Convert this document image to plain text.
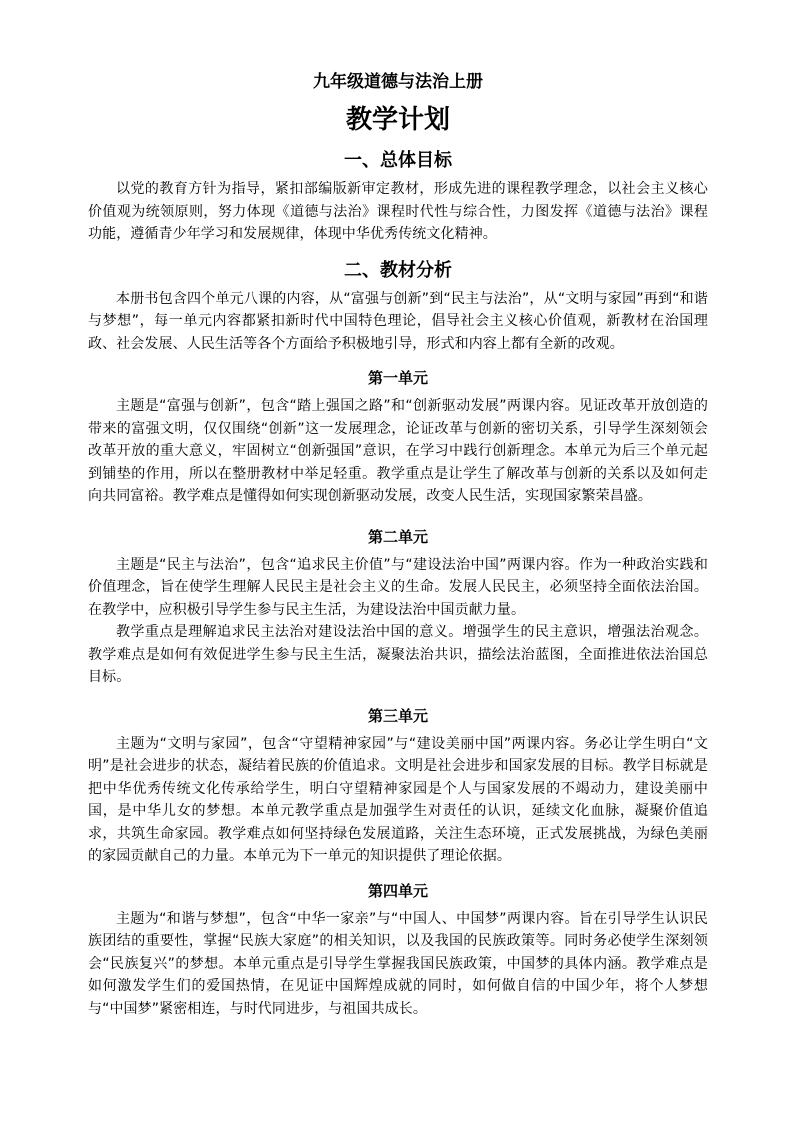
九年级道德与法治上册
教学计划
一、总体目标

以党的教育方针为指导，紧扣部编版新审定教材，形成先进的课程教学理念，以社会主义核心价值观为统领原则，努力体现《道德与法治》课程时代性与综合性，力图发挥《道德与法治》课程功能，遵循青少年学习和发展规律，体现中华优秀传统文化精神。

二、教材分析

本册书包含四个单元八课的内容，从“富强与创新”到“民主与法治”，从“文明与家园”再到“和谐与梦想”，每一单元内容都紧扣新时代中国特色理论，倡导社会主义核心价值观，新教材在治国理政、社会发展、人民生活等各个方面给予积极地引导，形式和内容上都有全新的改观。

第一单元

主题是“富强与创新”，包含“踏上强国之路”和“创新驱动发展”两课内容。见证改革开放创造的带来的富强文明，仅仅围绕“创新”这一发展理念，论证改革与创新的密切关系，引导学生深刻领会改革开放的重大意义，牢固树立“创新强国”意识，在学习中践行创新理念。本单元为后三个单元起到铺垫的作用，所以在整册教材中举足轻重。教学重点是让学生了解改革与创新的关系以及如何走向共同富裕。教学难点是懂得如何实现创新驱动发展，改变人民生活，实现国家繁荣昌盛。

第二单元

主题是“民主与法治”，包含“追求民主价值”与“建设法治中国”两课内容。作为一种政治实践和价值理念，旨在使学生理解人民民主是社会主义的生命。发展人民民主，必须坚持全面依法治国。在教学中，应积极引导学生参与民主生活，为建设法治中国贡献力量。

教学重点是理解追求民主法治对建设法治中国的意义。增强学生的民主意识，增强法治观念。教学难点是如何有效促进学生参与民主生活，凝聚法治共识，描绘法治蓝图，全面推进依法治国总目标。

第三单元

主题为“文明与家园”，包含“守望精神家园”与“建设美丽中国”两课内容。务必让学生明白“文明”是社会进步的状态，凝结着民族的价值追求。文明是社会进步和国家发展的目标。教学目标就是把中华优秀传统文化传承给学生，明白守望精神家园是个人与国家发展的不竭动力，建设美丽中国，是中华儿女的梦想。本单元教学重点是加强学生对责任的认识，延续文化血脉，凝聚价值追求，共筑生命家园。教学难点如何坚持绿色发展道路，关注生态环境，正式发展挑战，为绿色美丽的家园贡献自己的力量。本单元为下一单元的知识提供了理论依据。

第四单元

主题为“和谐与梦想”，包含“中华一家亲”与“中国人、中国梦”两课内容。旨在引导学生认识民族团结的重要性，掌握“民族大家庭”的相关知识，以及我国的民族政策等。同时务必使学生深刻领会“民族复兴”的梦想。本单元重点是引导学生掌握我国民族政策，中国梦的具体内涵。教学难点是如何激发学生们的爱国热情，在见证中国辉煌成就的同时，如何做自信的中国少年，将个人梦想与“中国梦”紧密相连，与时代同进步，与祖国共成长。
